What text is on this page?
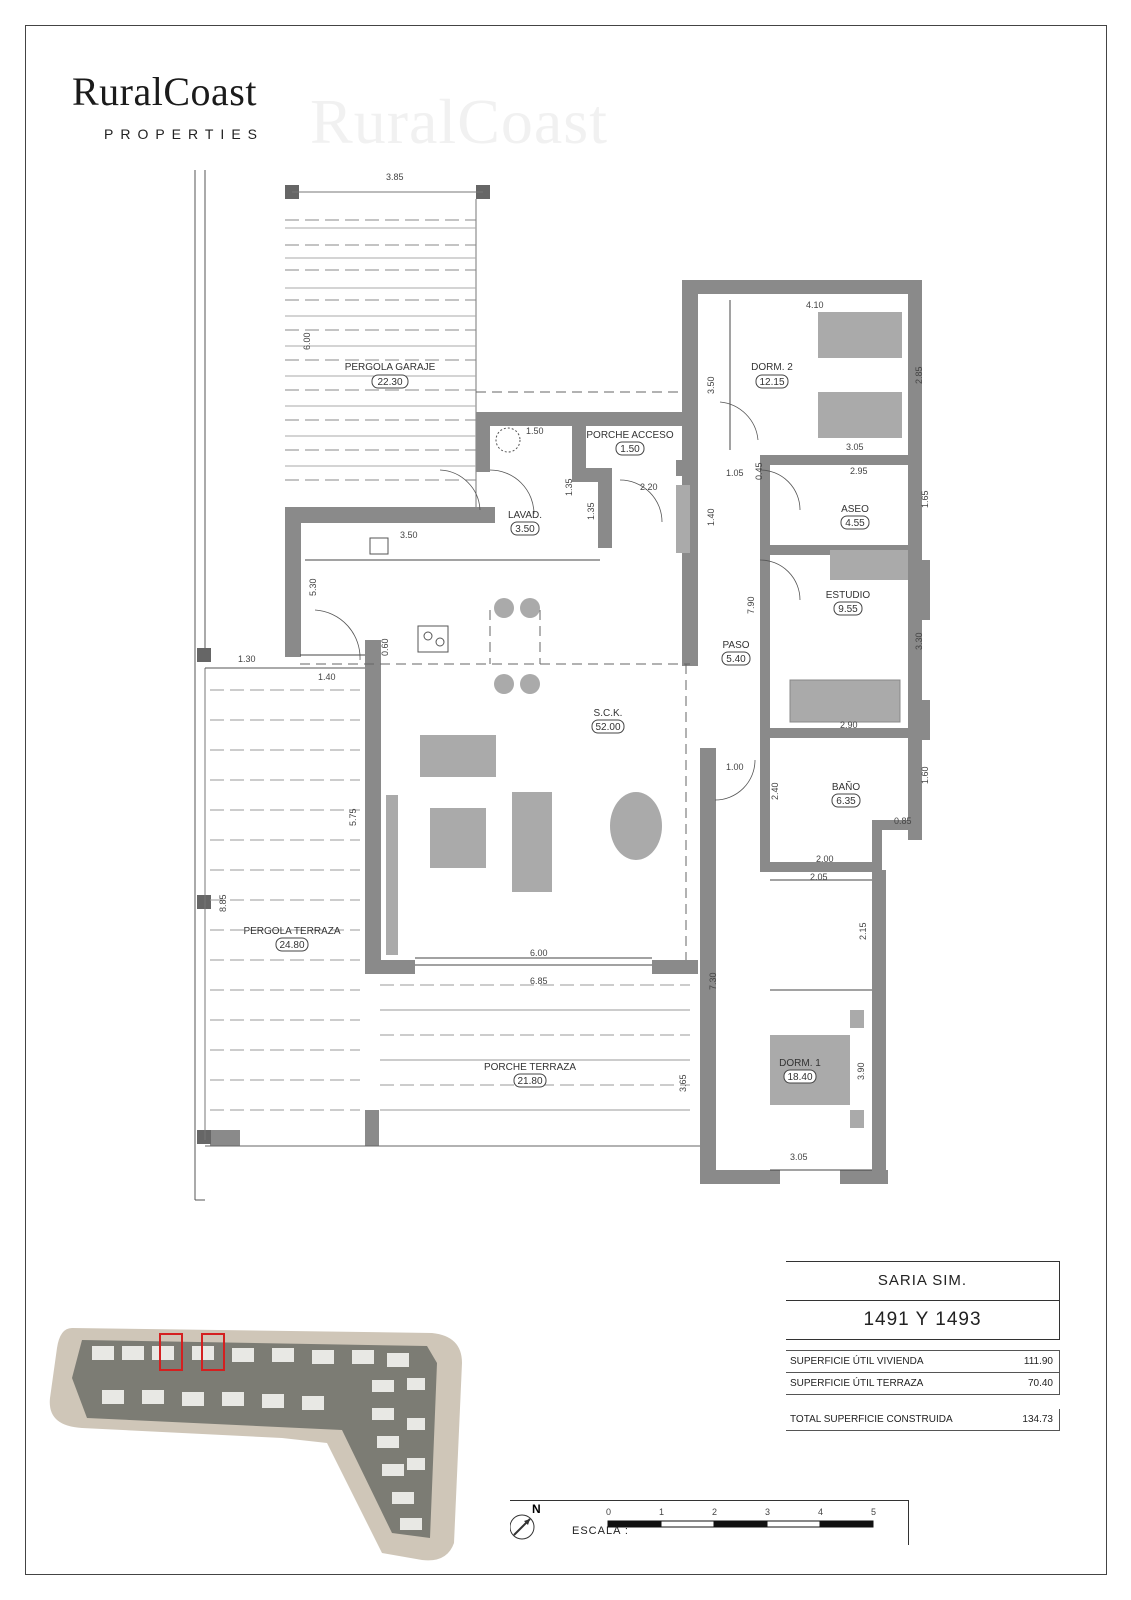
RuralCoast
RuralCoast
PROPERTIES
PERGOLA GARAJE
22.30
PORCHE ACCESO
1.50
DORM. 2
12.15
ASEO
4.55
LAVAD.
3.50
ESTUDIO
9.55
PASO
5.40
S.C.K.
52.00
BAÑO
6.35
PERGOLA TERRAZA
24.80
DORM. 1
18.40
PORCHE TERRAZA
21.80
3.85
6.00
4.10
3.50
2.85
3.05
1.50
1.35	2.20
1.05 0.45	2.95
1.65
3.50
1.35	1.40
5.30
0.60
1.30
1.40
7.90
3.30
2.90
1.00
2.40
1.60
0.85
2.00
2.05
2.15
5.75
8.85
6.00
6.85	7.30
3.65
3.90
3.05
SARIA SIM.
1491 Y 1493
SUPERFICIE ÚTIL VIVIENDA	111.90
SUPERFICIE ÚTIL TERRAZA	70.40
TOTAL SUPERFICIE CONSTRUIDA	134.73
N	0	1	2	3	4	5
ESCALA :
